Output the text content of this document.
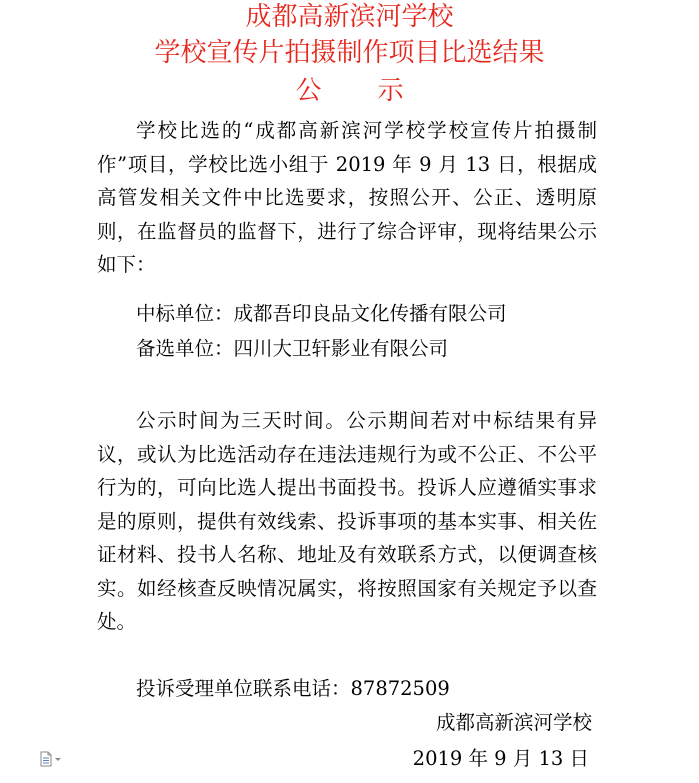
成都高新滨河学校
学校宣传片拍摄制作项目比选结果
公示

学校比选的“成都高新滨河学校学校宣传片拍摄制作”项目，学校比选小组于 2019 年 9 月 13 日，根据成高管发相关文件中比选要求，按照公开、公正、透明原则，在监督员的监督下，进行了综合评审，现将结果公示如下：

中标单位：成都吾印良品文化传播有限公司

备选单位：四川大卫轩影业有限公司

公示时间为三天时间。公示期间若对中标结果有异议，或认为比选活动存在违法违规行为或不公正、不公平行为的，可向比选人提出书面投书。投诉人应遵循实事求是的原则，提供有效线索、投诉事项的基本实事、相关佐证材料、投书人名称、地址及有效联系方式，以便调查核实。如经核查反映情况属实，将按照国家有关规定予以查处。

投诉受理单位联系电话：87872509

成都高新滨河学校
2019 年 9 月 13 日
